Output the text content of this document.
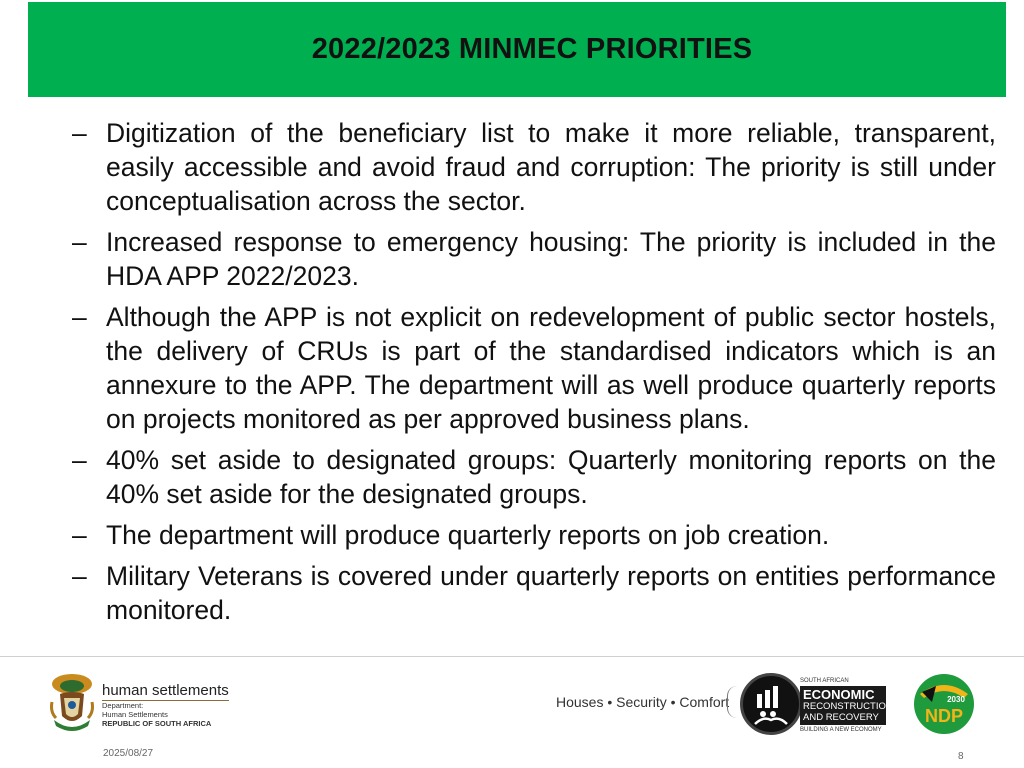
2022/2023 MINMEC PRIORITIES
– Digitization of the beneficiary list to make it more reliable, transparent, easily accessible and avoid fraud and corruption: The priority is still under conceptualisation across the sector.
– Increased response to emergency housing: The priority is included in the HDA APP 2022/2023.
– Although the APP is not explicit on redevelopment of public sector hostels, the delivery of CRUs is part of the standardised indicators which is an annexure to the APP. The department will as well produce quarterly reports on projects monitored as per approved business plans.
– 40% set aside to designated groups: Quarterly monitoring reports on the 40% set aside for the designated groups.
– The department will produce quarterly reports on job creation.
– Military Veterans is covered under quarterly reports on entities performance monitored.
human settlements
Department:
Human Settlements
REPUBLIC OF SOUTH AFRICA
Houses • Security • Comfort
SOUTH AFRICAN
ECONOMIC
RECONSTRUCTION
AND RECOVERY
BUILDING A NEW ECONOMY
2030
NDP
2025/08/27	8
